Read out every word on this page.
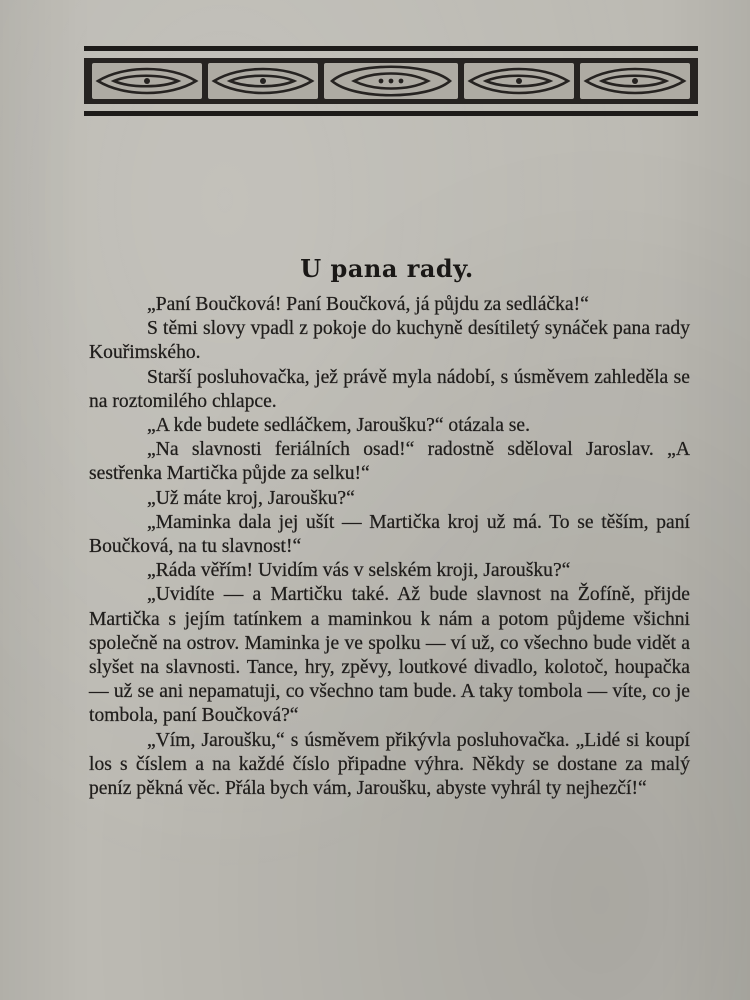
U pana rady.

„Paní Boučková! Paní Boučková, já půjdu za sedláčka!“

S těmi slovy vpadl z pokoje do kuchyně desítiletý synáček pana rady Kouřimského.

Starší posluhovačka, jež právě myla nádobí, s úsměvem zahleděla se na roztomilého chlapce.

„A kde budete sedláčkem, Jaroušku?“ otázala se.

„Na slavnosti feriálních osad!“ radostně sděloval Jaroslav. „A sestřenka Martička půjde za selku!“

„Už máte kroj, Jaroušku?“

„Maminka dala jej ušít — Martička kroj už má. To se těším, paní Boučková, na tu slavnost!“

„Ráda věřím! Uvidím vás v selském kroji, Jaroušku?“

„Uvidíte — a Martičku také. Až bude slavnost na Žofíně, přijde Martička s jejím tatínkem a maminkou k nám a potom půjdeme všichni společně na ostrov. Maminka je ve spolku — ví už, co všechno bude vidět a slyšet na slavnosti. Tance, hry, zpěvy, loutkové divadlo, kolotoč, houpačka — už se ani nepamatuji, co všechno tam bude. A taky tombola — víte, co je tombola, paní Boučková?“

„Vím, Jaroušku,“ s úsměvem přikývla posluhovačka. „Lidé si koupí los s číslem a na každé číslo připadne výhra. Někdy se dostane za malý peníz pěkná věc. Přála bych vám, Jaroušku, abyste vyhrál ty nejhezčí!“
